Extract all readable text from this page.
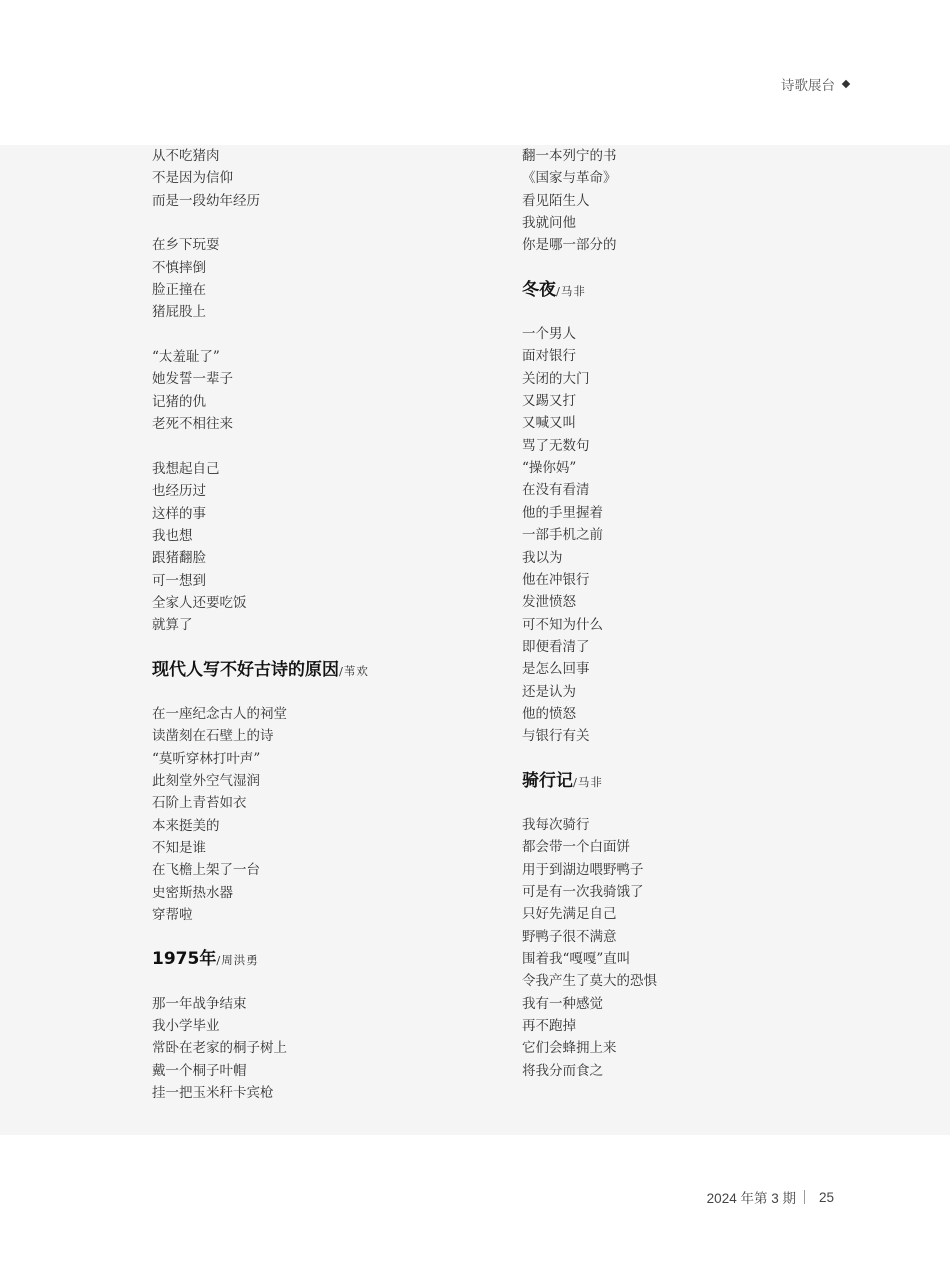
诗歌展台
从不吃猪肉
不是因为信仰
而是一段幼年经历
在乡下玩耍
不慎摔倒
脸正撞在
猪屁股上
“太羞耻了”
她发誓一辈子
记猪的仇
老死不相往来
我想起自己
也经历过
这样的事
我也想
跟猪翻脸
可一想到
全家人还要吃饭
就算了
现代人写不好古诗的原因/苇欢
在一座纪念古人的祠堂
读凿刻在石壁上的诗
“莫听穿林打叶声”
此刻堂外空气湿润
石阶上青苔如衣
本来挺美的
不知是谁
在飞檐上架了一台
史密斯热水器
穿帮啦
1975年/周洪勇
那一年战争结束
我小学毕业
常卧在老家的桐子树上
戴一个桐子叶帽
挂一把玉米秆卡宾枪
翻一本列宁的书
《国家与革命》
看见陌生人
我就问他
你是哪一部分的
冬夜/马非
一个男人
面对银行
关闭的大门
又踢又打
又喊又叫
骂了无数句
“操你妈”
在没有看清
他的手里握着
一部手机之前
我以为
他在冲银行
发泄愤怒
可不知为什么
即便看清了
是怎么回事
还是认为
他的愤怒
与银行有关
骑行记/马非
我每次骑行
都会带一个白面饼
用于到湖边喂野鸭子
可是有一次我骑饿了
只好先满足自己
野鸭子很不满意
围着我“嘎嘎”直叫
令我产生了莫大的恐惧
我有一种感觉
再不跑掉
它们会蜂拥上来
将我分而食之
2024 年第 3 期 25
